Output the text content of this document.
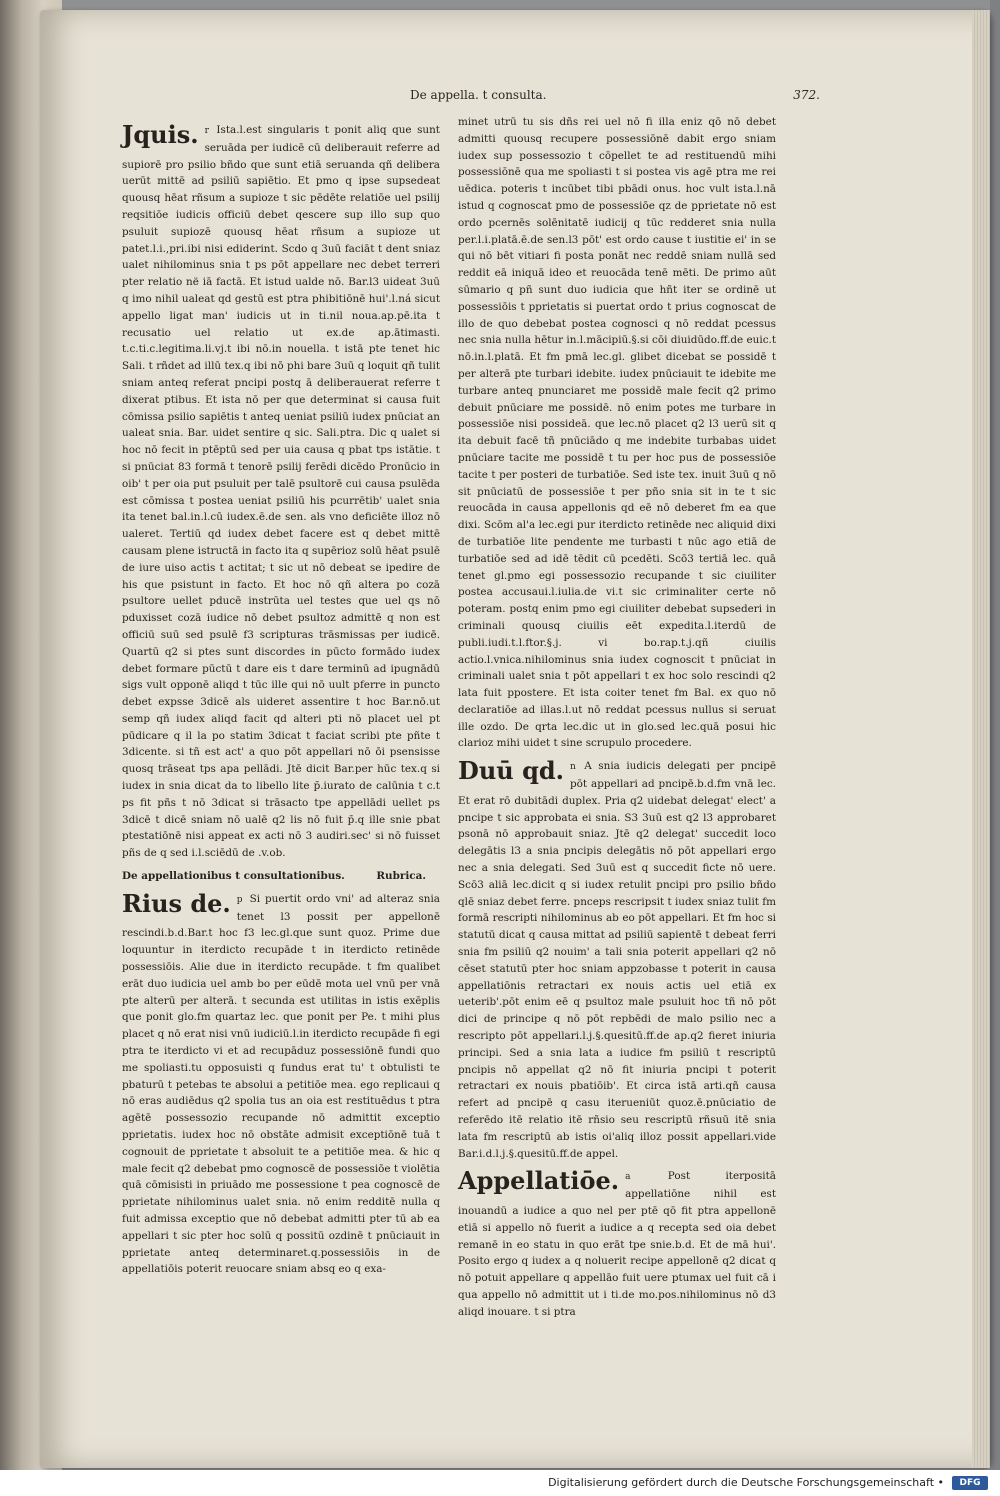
De appella. t consulta.	372.

Jquis. r Ista.l.est singularis t ponit aliq que sunt seruāda per iudicē cū deliberauit referre ad supiorē pro psilio bñdo que sunt etiā seruanda qñ delibera uerūt mittē ad psiliū sapiētio. Et pmo q ipse supsedeat quousq hēat rñsum a supioze t sic pēdēte relatiōe uel psilij reqsitiōe iudicis officiū debet qescere sup illo sup quo psuluit supiozē quousq hēat rñsum a supioze ut patet.l.i.,pri.ibi nisi ediderint. Scdo q 3uū faciāt t dent sniaz ualet nihilominus snia t ps pōt appellare nec debet terreri pter relatio në iā factā. Et istud ualde nō. Bar.l3 uideat 3uū q imo nihil ualeat qd gestū est ptra phibitiōnē hui'.l.ná sicut appello ligat man' iudicis ut in ti.nil noua.ap.pē.ita t recusatio uel relatio ut ex.de ap.ātimasti. t.c.ti.c.legitima.li.vj.t ibi nō.in nouella. t istā pte tenet hic Sali. t rñdet ad illū tex.q ibi nō phi bare 3uū q loquit qñ tulit sniam anteq referat pncipi postq ā deliberauerat referre t dixerat ptibus. Et ista nō per que determinat si causa fuit cōmissa psilio sapiētis t anteq ueniat psiliū iudex pnūciat an ualeat snia. Bar. uidet sentire q sic. Sali.ptra. Dic q ualet si hoc nō fecit in ptēptū sed per uia causa q pbat tps istātie. t si pnūciat 83 formā t tenorē psilij ferēdi dicēdo Pronūcio in oib' t per oia put psuluit per talē psultorē cui causa psulēda est cōmissa t postea ueniat psiliū his pcurrētib' ualet snia ita tenet bal.in.l.cū iudex.ē.de sen. als vno deficiēte illoz nō ualeret. Tertiū qd iudex debet facere est q debet mittē causam plene istructā in facto ita q supērioz solū hēat psulē de iure uiso actis t actitat; t sic ut nō debeat se ipedire de his que psistunt in facto. Et hoc nō qñ altera po cozā psultore uellet pducē instrūta uel testes que uel qs nō pduxisset cozā iudice nō debet psultoz admittē q non est officiū suū sed psulē f3 scripturas trāsmissas per iudicē. Quartū q2 si ptes sunt discordes in pūcto formādo iudex debet formare pūctū t dare eis t dare terminū ad ipugnādū sigs vult opponē aliqd t tūc ille qui nō uult pferre in puncto debet expsse 3dicē als uideret assentire t hoc Bar.nō.ut semp qñ iudex aliqd facit qd alteri pti nō placet uel pt pūdicare q il la po statim 3dicat t faciat scribi pte pñte t 3dicente. si tñ est act' a quo pōt appellari nō ōi psensisse quosq trāseat tps apa pellādi. Jtē dicit Bar.per hūc tex.q si iudex in snia dicat da to libello lite p̄.iurato de calūnia t c.t ps fit pñs t nō 3dicat si trāsacto tpe appellādi uellet ps 3dicē t dicē sniam nō ualē q2 lis nō fuit p̄.q ille snie pbat ptestatiōnē nisi appeat ex acti nō 3 audiri.sec' si nō fuisset pñs de q sed i.l.sciēdū de .v.ob.

De appellationibus t consultationibus.	Rubrica.

Rius de. p Si puertit ordo vni' ad alteraz snia tenet l3 possit per appellonē rescindi.b.d.Bar.t hoc f3 lec.gl.que sunt quoz. Prime due loquuntur in iterdicto recupāde t in iterdicto retinēde possessiōis. Alie due in iterdicto recupāde. t fm qualibet erāt duo iudicia uel amb bo per eūdē mota uel vnū per vnā pte alterū per alterā. t secunda est utilitas in istis exēplis que ponit glo.fm quartaz lec. que ponit per Pe. t mihi plus placet q nō erat nisi vnū iudiciū.l.in iterdicto recupāde fi egi ptra te iterdicto vi et ad recupāduz possessiōnē fundi quo me spoliasti.tu opposuisti q fundus erat tu' t obtulisti te pbaturū t petebas te absolui a petitiōe mea. ego replicaui q nō eras audiēdus q2 spolia tus an oia est restituēdus t ptra agētē possessozio recupande nō admittit exceptio pprietatis. iudex hoc nō obstāte admisit exceptiōnē tuā t cognouit de pprietate t absoluit te a petitiōe mea. & hic q male fecit q2 debebat pmo cognoscē de possessiōe t violētia quā cōmisisti in priuādo me possessione t pea cognoscē de pprietate nihilominus ualet snia. nō enim redditē nulla q fuit admissa exceptio que nō debebat admitti pter tū ab ea appellari t sic pter hoc solū q possitū ozdinē t pnūciauit in pprietate anteq determinaret.q.possessiōis in de appellatiōis poterit reuocare sniam absq eo q exa-

minet utrū tu sis dñs rei uel nō fi illa eniz qō nō debet admitti quousq recupere possessiōnē dabit ergo sniam iudex sup possessozio t cōpellet te ad restituendū mihi possessiōnē qua me spoliasti t si postea vis agē ptra me rei uēdica. poteris t incūbet tibi pbādi onus. hoc vult ista.l.nā istud q cognoscat pmo de possessiōe qz de pprietate nō est ordo pcernēs solēnitatē iudicij q tūc redderet snia nulla per.l.i.platā.ē.de sen.l3 pōt' est ordo cause t iustitie ei' in se qui nō bēt vitiari fi posta ponāt nec reddē sniam nullā sed reddit eā iniquā ideo et reuocāda tenē mēti. De primo aūt sūmario q pñ sunt duo iudicia que hñt iter se ordinē ut possessiōis t pprietatis si puertat ordo t prius cognoscat de illo de quo debebat postea cognosci q nō reddat pcessus nec snia nulla hētur in.l.mācipiū.§.si cōi diuidūdo.ff.de euic.t nō.in.l.platā. Et fm pmā lec.gl. glibet dicebat se possidē t per alterā pte turbari idebite. iudex pnūciauit te idebite me turbare anteq pnunciaret me possidē male fecit q2 primo debuit pnūciare me possidē. nō enim potes me turbare in possessiōe nisi possideā. que lec.nō placet q2 l3 uerū sit q ita debuit facē tñ pnūciādo q me indebite turbabas uidet pnūciare tacite me possidē t tu per hoc pus de possessiōe tacite t per posteri de turbatiōe. Sed iste tex. inuit 3uū q nō sit pnūciatū de possessiōe t per pño snia sit in te t sic reuocāda in causa appellonis qd eē nō deberet fm ea que dixi. Scōm al'a lec.egi pur iterdicto retinēde nec aliquid dixi de turbatiōe lite pendente me turbasti t nūc ago etiā de turbatiōe sed ad idē tēdit cū pcedēti. Scō3 tertiā lec. quā tenet gl.pmo egi possessozio recupande t sic ciuiliter postea accusaui.l.iulia.de vi.t sic criminaliter certe nō poteram. postq enim pmo egi ciuiliter debebat supsederi in criminali quousq ciuilis eēt expedita.l.iterdū de publi.iudi.t.l.ftor.§.j. vi bo.rap.t.j.qñ ciuilis actio.l.vnica.nihilominus snia iudex cognoscit t pnūciat in criminali ualet snia t pōt appellari t ex hoc solo rescindi q2 lata fuit ppostere. Et ista coiter tenet fm Bal. ex quo nō declaratiōe ad illas.l.ut nō reddat pcessus nullus si seruat ille ozdo. De qrta lec.dic ut in glo.sed lec.quā posui hic clarioz mihi uidet t sine scrupulo procedere.

n
Duū qd. A snia iudicis delegati per pncipē pōt appellari ad pncipē.b.d.fm vnā lec. Et erat rō dubitādi duplex. Pria q2 uidebat delegat' elect' a pncipe t sic approbata ei snia. S3 3uū est q2 l3 approbaret psonā nō approbauit sniaz. Jtē q2 delegat' succedit loco delegātis l3 a snia pncipis delegātis nō pōt appellari ergo nec a snia delegati. Sed 3uū est q succedit ficte nō uere. Scō3 aliā lec.dicit q si iudex retulit pncipi pro psilio bñdo qlē sniaz debet ferre. pnceps rescripsit t iudex sniaz tulit fm formā rescripti nihilominus ab eo pōt appellari. Et fm hoc si statutū dicat q causa mittat ad psiliū sapientē t debeat ferri snia fm psiliū q2 nouim' a tali snia poterit appellari q2 nō cēset statutū pter hoc sniam appzobasse t poterit in causa appellatiōnis retractari ex nouis actis uel etiā ex ueterib'.pōt enim eē q psultoz male psuluit hoc tñ nō pōt dici de principe q nō pōt repbēdi de malo psilio nec a rescripto pōt appellari.l.j.§.quesitū.ff.de ap.q2 fieret iniuria principi. Sed a snia lata a iudice fm psiliū t rescriptū pncipis nō appellat q2 nō fit iniuria pncipi t poterit retractari ex nouis pbatiōib'. Et circa istā arti.qñ causa refert ad pncipē q casu iterueniūt quoz.ē.pnūciatio de referēdo itē relatio itē rñsio seu rescriptū rñsuū itē snia lata fm rescriptū ab istis oi'aliq illoz possit appellari.vide Bar.i.d.l.j.§.quesitū.ff.de appel.

a
Appellatiōe.	Post iterpositā appellatiōne nihil est inouandū a iudice a quo nel per ptē qō fit ptra appellonē etiā si appello nō fuerit a iudice a q recepta sed oia debet remanē in eo statu in quo erāt tpe snie.b.d. Et de mā hui'. Posito ergo q iudex a q noluerit recipe appellonē q2 dicat q nō potuit appellare q appellāo fuit uere ptumax uel fuit cā i qua appello nō admittit ut i ti.de mo.pos.nihilominus nō d3 aliqd inouare. t si ptra

Digitalisierung gefördert durch die Deutsche Forschungsgemeinschaft •	DFG
